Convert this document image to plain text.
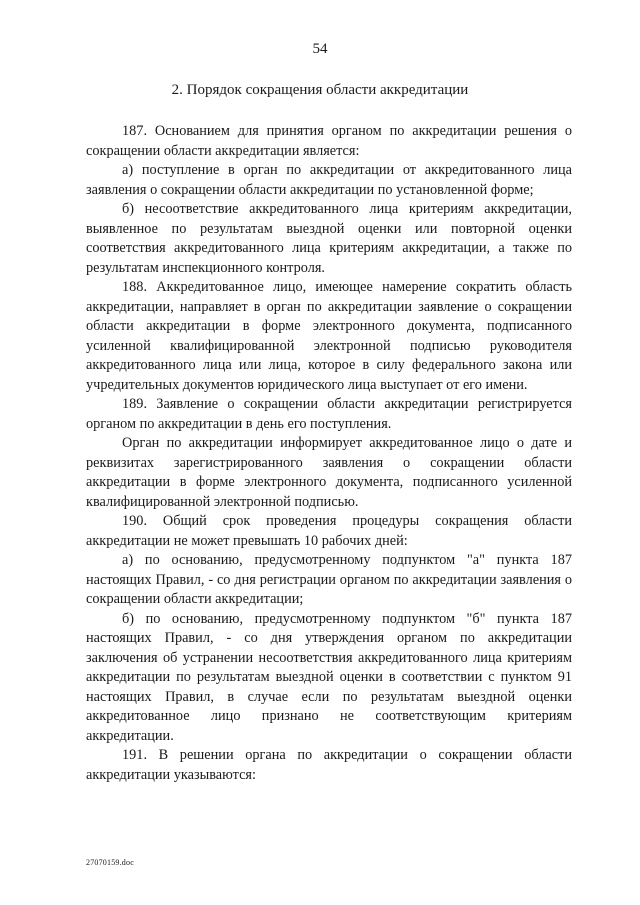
54
2. Порядок сокращения области аккредитации

187. Основанием для принятия органом по аккредитации решения о сокращении области аккредитации является:

а) поступление в орган по аккредитации от аккредитованного лица заявления о сокращении области аккредитации по установленной форме;

б) несоответствие аккредитованного лица критериям аккредитации, выявленное по результатам выездной оценки или повторной оценки соответствия аккредитованного лица критериям аккредитации, а также по результатам инспекционного контроля.

188. Аккредитованное лицо, имеющее намерение сократить область аккредитации, направляет в орган по аккредитации заявление о сокращении области аккредитации в форме электронного документа, подписанного усиленной квалифицированной электронной подписью руководителя аккредитованного лица или лица, которое в силу федерального закона или учредительных документов юридического лица выступает от его имени.

189. Заявление о сокращении области аккредитации регистрируется органом по аккредитации в день его поступления.

Орган по аккредитации информирует аккредитованное лицо о дате и реквизитах зарегистрированного заявления о сокращении области аккредитации в форме электронного документа, подписанного усиленной квалифицированной электронной подписью.

190. Общий срок проведения процедуры сокращения области аккредитации не может превышать 10 рабочих дней:

а) по основанию, предусмотренному подпунктом "а" пункта 187 настоящих Правил, - со дня регистрации органом по аккредитации заявления о сокращении области аккредитации;

б) по основанию, предусмотренному подпунктом "б" пункта 187 настоящих Правил, - со дня утверждения органом по аккредитации заключения об устранении несоответствия аккредитованного лица критериям аккредитации по результатам выездной оценки в соответствии с пунктом 91 настоящих Правил, в случае если по результатам выездной оценки аккредитованное лицо признано не соответствующим критериям аккредитации.

191. В решении органа по аккредитации о сокращении области аккредитации указываются:

27070159.doc
